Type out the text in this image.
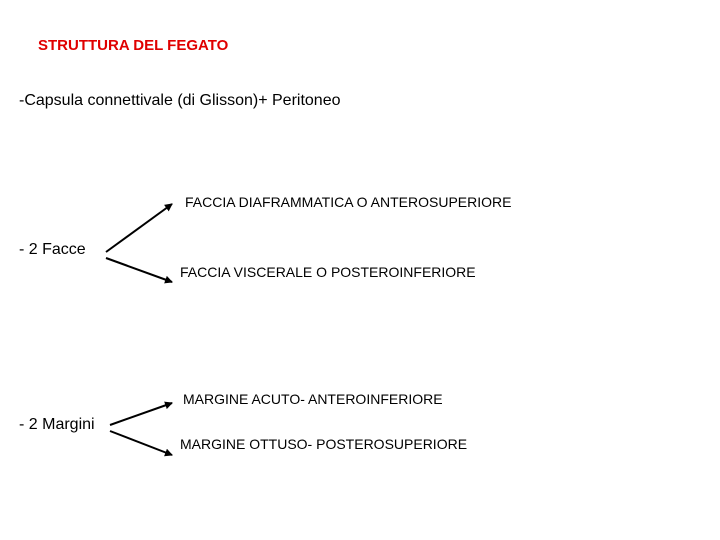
STRUTTURA DEL FEGATO
-Capsula connettivale (di Glisson)+ Peritoneo
- 2 Facce
FACCIA DIAFRAMMATICA O ANTEROSUPERIORE
FACCIA VISCERALE O POSTEROINFERIORE
- 2 Margini
MARGINE ACUTO- ANTEROINFERIORE
MARGINE OTTUSO- POSTEROSUPERIORE
